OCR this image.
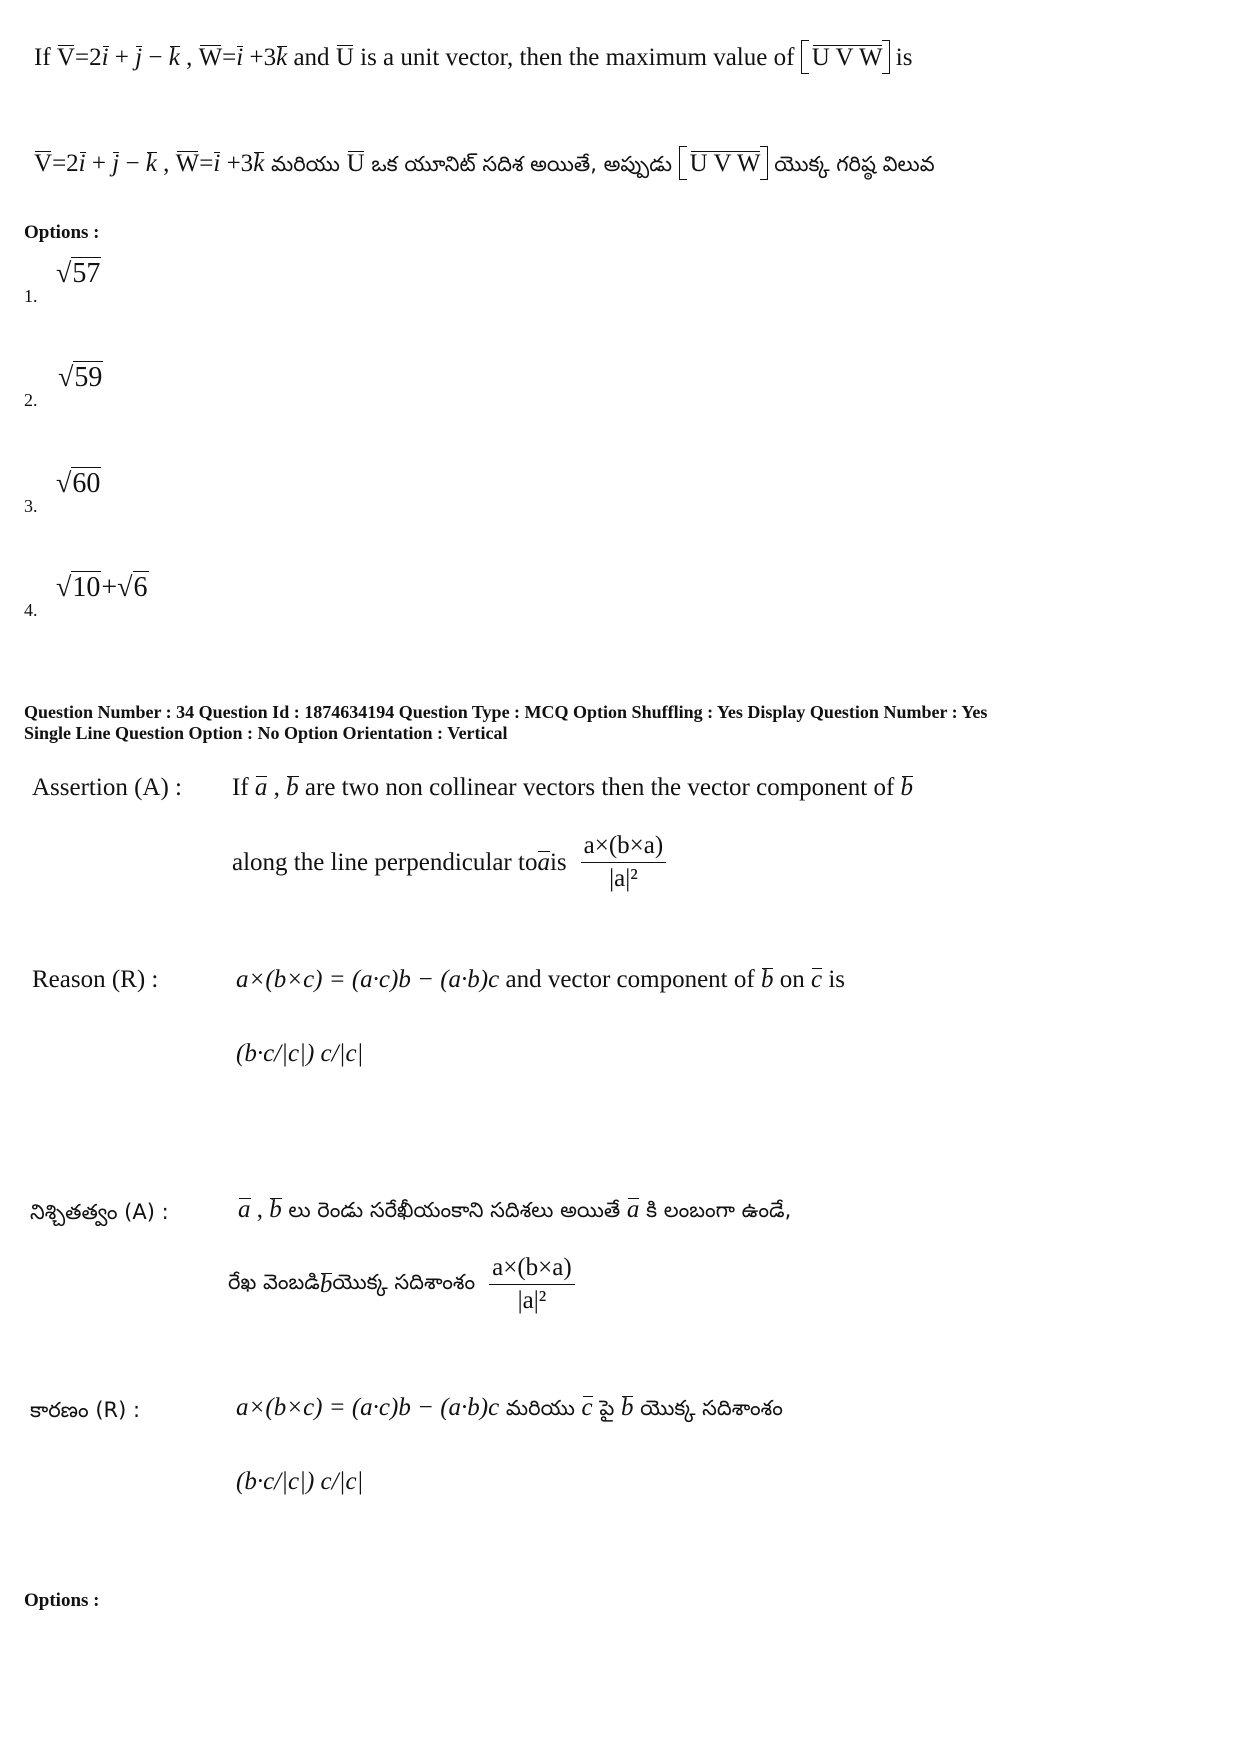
If V=2i + j − k , W=i +3k and U is a unit vector, then the maximum value of U V W is
V=2i + j − k , W=i +3k మరియు U ఒక యూనిట్ సదిశ అయితే, అప్పుడు U V W యొక్క గరిష్ఠ విలువ
Options :
1.
√57
2.
√59
3.
√60
4.
√10+√6
Question Number : 34 Question Id : 1874634194 Question Type : MCQ Option Shuffling : Yes Display Question Number : Yes
Single Line Question Option : No Option Orientation : Vertical
Assertion (A) : If a , b are two non collinear vectors then the vector component of b
along the line perpendicular to a is $\frac{a\times(b\times a)}{\text{|a|²}}$
Reason (R) :	a×(b×c) = (a·c)b − (a·b)c and vector component of b on c is
(b·c/|c|) c/|c|
నిశ్చితత్వం (A) :	a , b లు రెండు సరేఖీయంకాని సదిశలు అయితే a కి లంబంగా ఉండే,
రేఖ వెంబడి b యొక్క సదిశాంశం $\frac{a\times(b\times a)}{\text{|a|²}}$
కారణం (R) :	a×(b×c) = (a·c)b − (a·b)c మరియు c పై b యొక్క సదిశాంశం
(b·c/|c|) c/|c|
Options :
